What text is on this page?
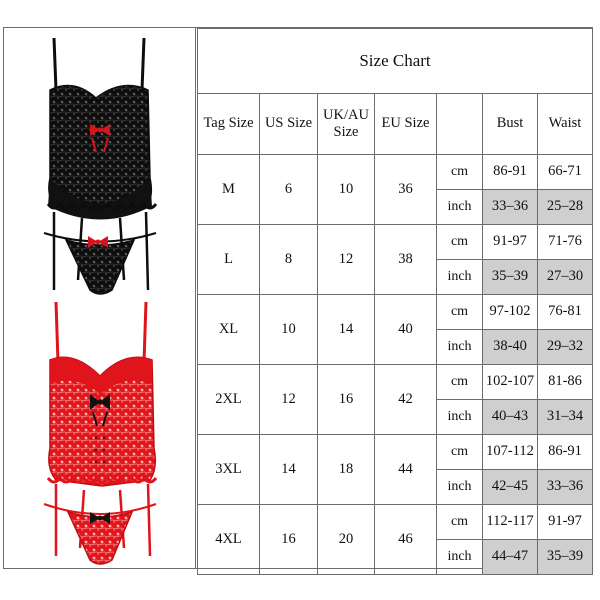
Size Chart						
Tag Size	US Size	UK/AU Size	EU Size		Bust	Waist
M	6	10	36	cm	86-91	66-71
				inch	33–36	25–28
L	8	12	38	cm	91-97	71-76
				inch	35–39	27–30
XL	10	14	40	cm	97-102	76-81
				inch	38-40	29–32
2XL	12	16	42	cm	102-107	81-86
				inch	40–43	31–34
3XL	14	18	44	cm	107-112	86-91
				inch	42–45	33–36
4XL	16	20	46	cm	112-117	91-97
				inch	44–47	35–39
